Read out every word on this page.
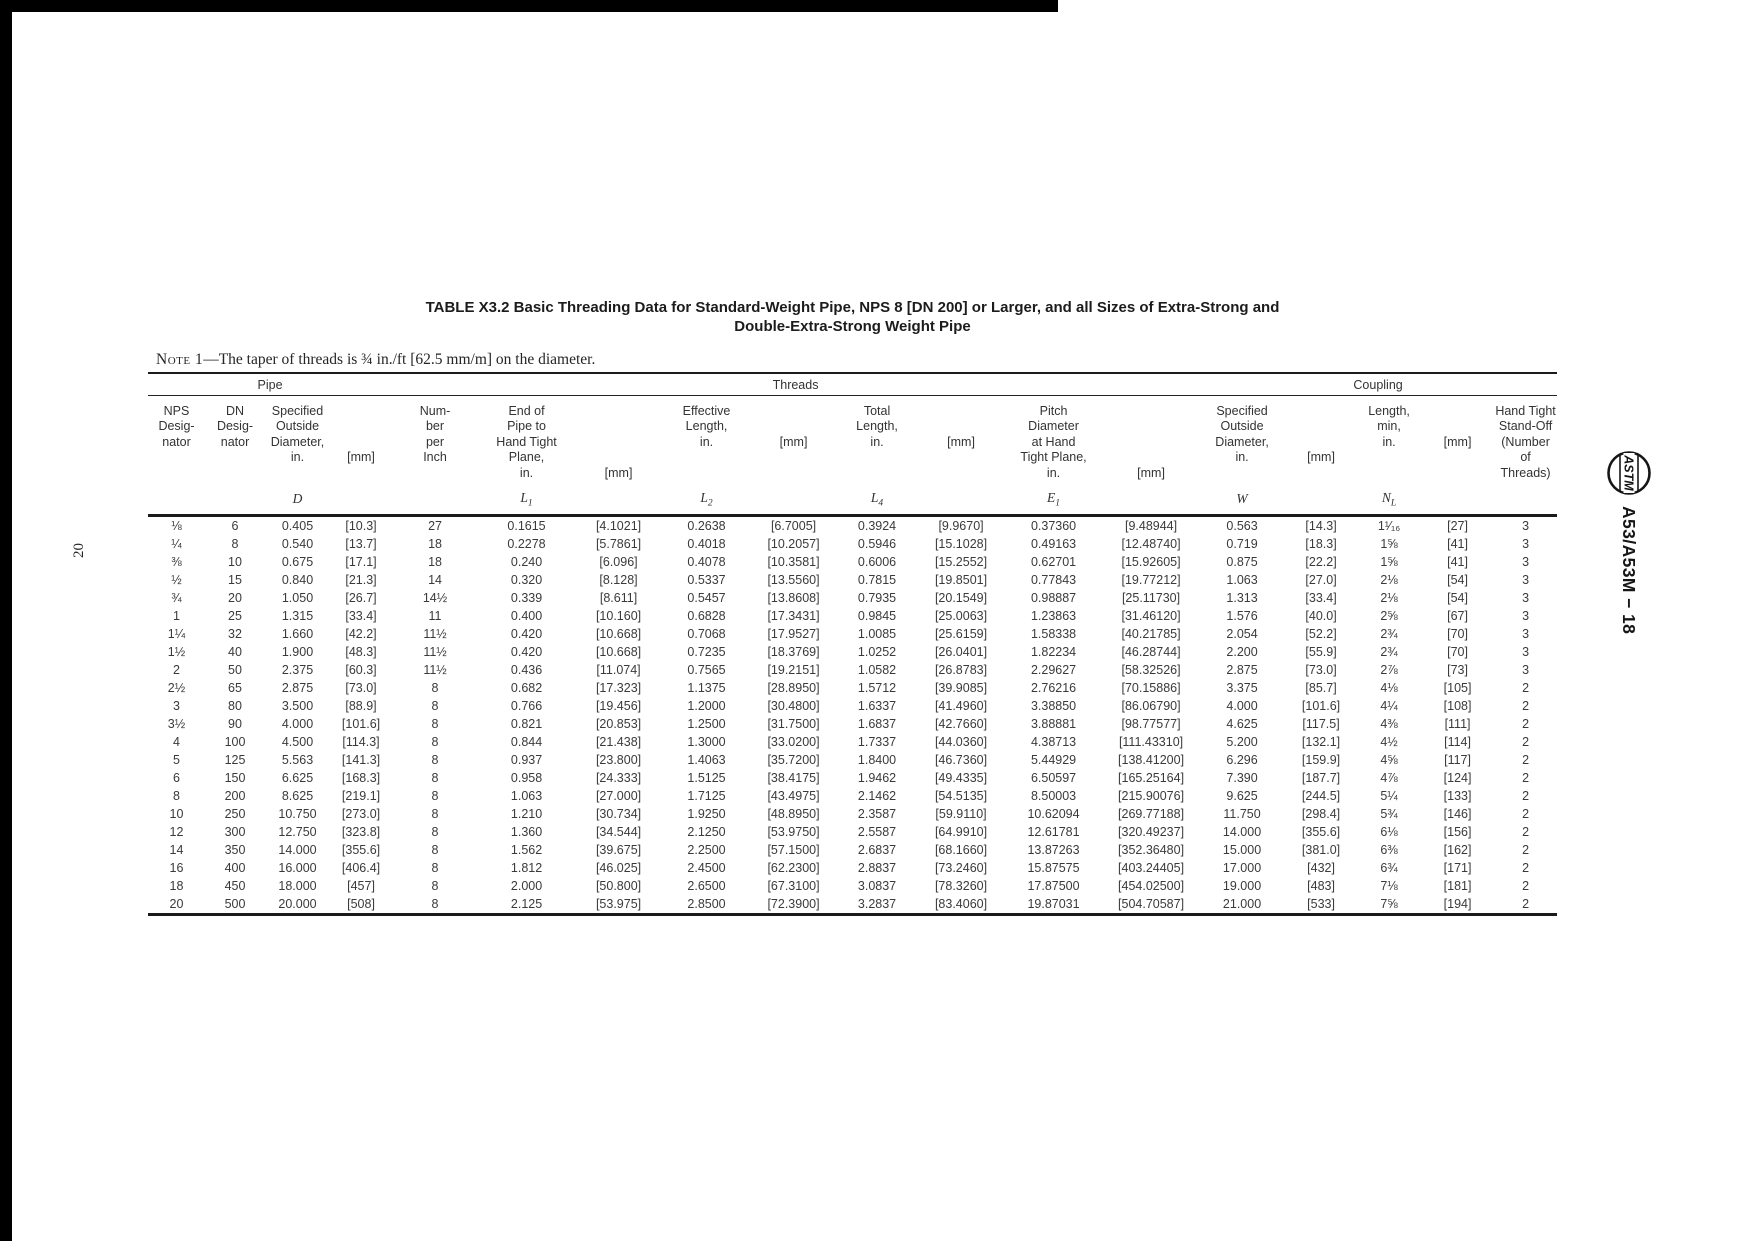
20
TABLE X3.2 Basic Threading Data for Standard-Weight Pipe, NPS 8 [DN 200] or Larger, and all Sizes of Extra-Strong and
Double-Extra-Strong Weight Pipe
Note 1—The taper of threads is ¾ in./ft [62.5 mm/m] on the diameter.
Pipe				Threads									Coupling				

NPS
Desig-
nator

DN
Desig-
nator

Specified
Outside
Diameter,
in.	[mm]

Num-
ber
per
Inch

End of
Pipe to
Hand Tight
Plane,
in.	[mm]

Effective
Length,
in.	[mm]

Total
Length,
in.	[mm]

Pitch
Diameter
at Hand
Tight Plane,
in.	[mm]

Specified
Outside
Diameter,
in.	[mm]

Length,
min,
in.	[mm]

Hand Tight
Stand-Off
(Number
of
Threads)

		D			$L_1$		$L_2$		$L_4$		$E_1$		W		$N_L$		
⅛	6	0.405	[10.3]	27	0.1615	[4.1021]	0.2638	[6.7005]	0.3924	[9.9670]	0.37360	[9.48944]	0.563	[14.3]	1¹⁄₁₆	[27]	3
¼	8	0.540	[13.7]	18	0.2278	[5.7861]	0.4018	[10.2057]	0.5946	[15.1028]	0.49163	[12.48740]	0.719	[18.3]	1⅝	[41]	3
⅜	10	0.675	[17.1]	18	0.240	[6.096]	0.4078	[10.3581]	0.6006	[15.2552]	0.62701	[15.92605]	0.875	[22.2]	1⅝	[41]	3
½	15	0.840	[21.3]	14	0.320	[8.128]	0.5337	[13.5560]	0.7815	[19.8501]	0.77843	[19.77212]	1.063	[27.0]	2⅛	[54]	3
¾	20	1.050	[26.7]	14½	0.339	[8.611]	0.5457	[13.8608]	0.7935	[20.1549]	0.98887	[25.11730]	1.313	[33.4]	2⅛	[54]	3
1	25	1.315	[33.4]	11	0.400	[10.160]	0.6828	[17.3431]	0.9845	[25.0063]	1.23863	[31.46120]	1.576	[40.0]	2⅝	[67]	3
1¼	32	1.660	[42.2]	11½	0.420	[10.668]	0.7068	[17.9527]	1.0085	[25.6159]	1.58338	[40.21785]	2.054	[52.2]	2¾	[70]	3
1½	40	1.900	[48.3]	11½	0.420	[10.668]	0.7235	[18.3769]	1.0252	[26.0401]	1.82234	[46.28744]	2.200	[55.9]	2¾	[70]	3
2	50	2.375	[60.3]	11½	0.436	[11.074]	0.7565	[19.2151]	1.0582	[26.8783]	2.29627	[58.32526]	2.875	[73.0]	2⅞	[73]	3
2½	65	2.875	[73.0]	8	0.682	[17.323]	1.1375	[28.8950]	1.5712	[39.9085]	2.76216	[70.15886]	3.375	[85.7]	4⅛	[105]	2
3	80	3.500	[88.9]	8	0.766	[19.456]	1.2000	[30.4800]	1.6337	[41.4960]	3.38850	[86.06790]	4.000	[101.6]	4¼	[108]	2
3½	90	4.000	[101.6]	8	0.821	[20.853]	1.2500	[31.7500]	1.6837	[42.7660]	3.88881	[98.77577]	4.625	[117.5]	4⅜	[111]	2
4	100	4.500	[114.3]	8	0.844	[21.438]	1.3000	[33.0200]	1.7337	[44.0360]	4.38713	[111.43310]	5.200	[132.1]	4½	[114]	2
5	125	5.563	[141.3]	8	0.937	[23.800]	1.4063	[35.7200]	1.8400	[46.7360]	5.44929	[138.41200]	6.296	[159.9]	4⅝	[117]	2
6	150	6.625	[168.3]	8	0.958	[24.333]	1.5125	[38.4175]	1.9462	[49.4335]	6.50597	[165.25164]	7.390	[187.7]	4⅞	[124]	2
8	200	8.625	[219.1]	8	1.063	[27.000]	1.7125	[43.4975]	2.1462	[54.5135]	8.50003	[215.90076]	9.625	[244.5]	5¼	[133]	2
10	250	10.750	[273.0]	8	1.210	[30.734]	1.9250	[48.8950]	2.3587	[59.9110]	10.62094	[269.77188]	11.750	[298.4]	5¾	[146]	2
12	300	12.750	[323.8]	8	1.360	[34.544]	2.1250	[53.9750]	2.5587	[64.9910]	12.61781	[320.49237]	14.000	[355.6]	6⅛	[156]	2
14	350	14.000	[355.6]	8	1.562	[39.675]	2.2500	[57.1500]	2.6837	[68.1660]	13.87263	[352.36480]	15.000	[381.0]	6⅜	[162]	2
16	400	16.000	[406.4]	8	1.812	[46.025]	2.4500	[62.2300]	2.8837	[73.2460]	15.87575	[403.24405]	17.000	[432]	6¾	[171]	2
18	450	18.000	[457]	8	2.000	[50.800]	2.6500	[67.3100]	3.0837	[78.3260]	17.87500	[454.02500]	19.000	[483]	7⅛	[181]	2
20	500	20.000	[508]	8	2.125	[53.975]	2.8500	[72.3900]	3.2837	[83.4060]	19.87031	[504.70587]	21.000	[533]	7⅝	[194]	2
ASTM
A53/A53M − 18
